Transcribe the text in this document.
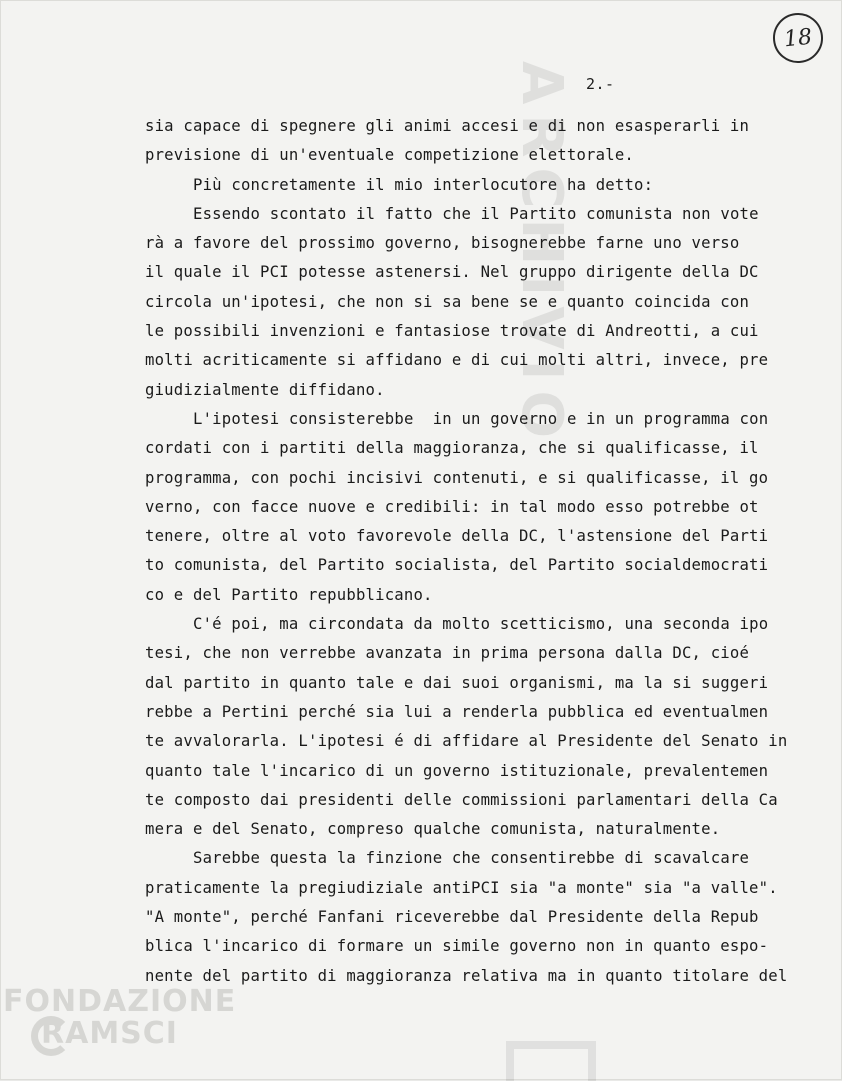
ARCHIVIO
18
2.-
sia capace di spegnere gli animi accesi e di non esasperarli in
previsione di un'eventuale competizione elettorale.
Più concretamente il mio interlocutore ha detto:
Essendo scontato il fatto che il Partito comunista non vote
rà a favore del prossimo governo, bisognerebbe farne uno verso
il quale il PCI potesse astenersi. Nel gruppo dirigente della DC
circola un'ipotesi, che non si sa bene se e quanto coincida con
le possibili invenzioni e fantasiose trovate di Andreotti, a cui
molti acriticamente si affidano e di cui molti altri, invece, pre
giudizialmente diffidano.
L'ipotesi consisterebbe  in un governo e in un programma con
cordati con i partiti della maggioranza, che si qualificasse, il
programma, con pochi incisivi contenuti, e si qualificasse, il go
verno, con facce nuove e credibili: in tal modo esso potrebbe ot
tenere, oltre al voto favorevole della DC, l'astensione del Parti
to comunista, del Partito socialista, del Partito socialdemocrati
co e del Partito repubblicano.
C'é poi, ma circondata da molto scetticismo, una seconda ipo
tesi, che non verrebbe avanzata in prima persona dalla DC, cioé
dal partito in quanto tale e dai suoi organismi, ma la si suggeri
rebbe a Pertini perché sia lui a renderla pubblica ed eventualmen
te avvalorarla. L'ipotesi é di affidare al Presidente del Senato in
quanto tale l'incarico di un governo istituzionale, prevalentemen
te composto dai presidenti delle commissioni parlamentari della Ca
mera e del Senato, compreso qualche comunista, naturalmente.
Sarebbe questa la finzione che consentirebbe di scavalcare
praticamente la pregiudiziale antiPCI sia "a monte" sia "a valle".
"A monte", perché Fanfani riceverebbe dal Presidente della Repub
blica l'incarico di formare un simile governo non in quanto espo-
nente del partito di maggioranza relativa ma in quanto titolare del
FONDAZIONE
RAMSCI
